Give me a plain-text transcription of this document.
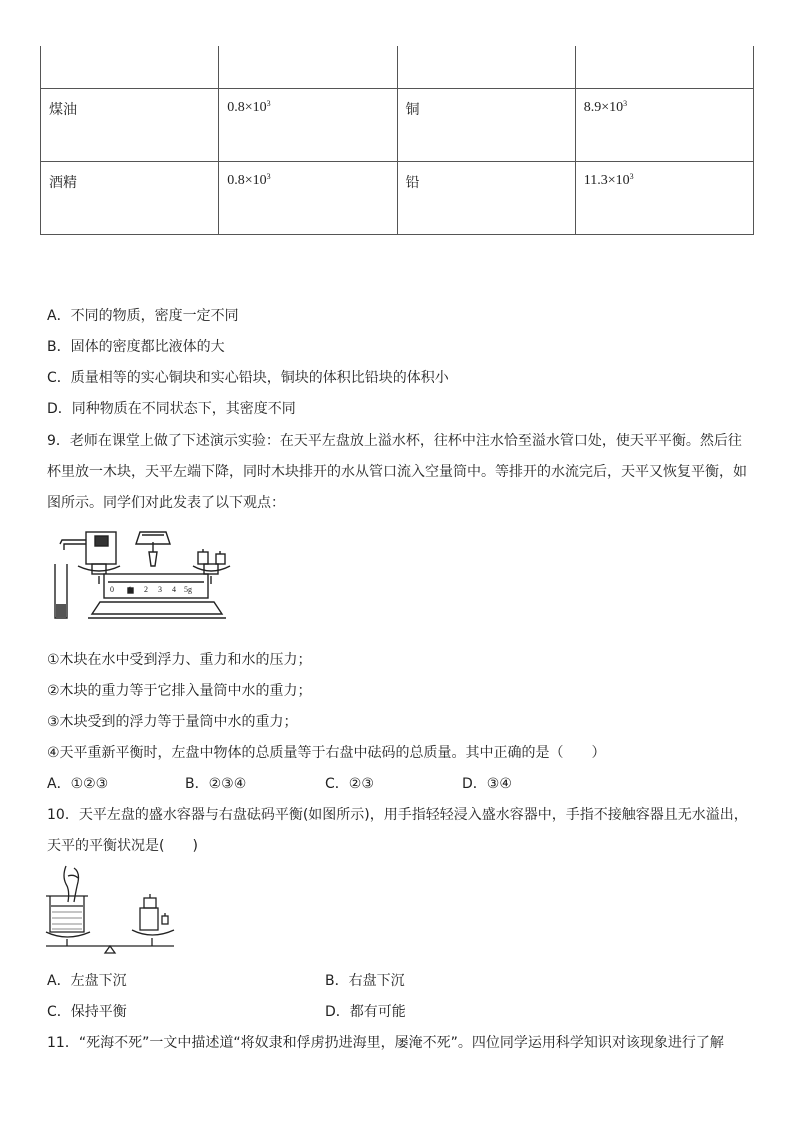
煤油	$0.8\times 10^3$	铜	$8.9\times 10^3$
酒精	$0.8\times 10^3$	铅	$11.3\times 10^3$
A．不同的物质，密度一定不同
B．固体的密度都比液体的大
C．质量相等的实心铜块和实心铅块，铜块的体积比铅块的体积小
D．同种物质在不同状态下，其密度不同
9．老师在课堂上做了下述演示实验：在天平左盘放上溢水杯，往杯中注水恰至溢水管口处，使天平平衡。然后往
杯里放一木块，天平左端下降，同时木块排开的水从管口流入空量筒中。等排开的水流完后，天平又恢复平衡，如
图所示。同学们对此发表了以下观点：
0 1 2 3 4 5g
①木块在水中受到浮力、重力和水的压力；
②木块的重力等于它排入量筒中水的重力；
③木块受到的浮力等于量筒中水的重力；
④天平重新平衡时，左盘中物体的总质量等于右盘中砝码的总质量。其中正确的是（　　）
A．①②③	B．②③④	C．②③	D．③④
10．天平左盘的盛水容器与右盘砝码平衡(如图所示)，用手指轻轻浸入盛水容器中，手指不接触容器且无水溢出，
天平的平衡状况是(　　)
A．左盘下沉	B．右盘下沉
C．保持平衡	D．都有可能
11．“死海不死”一文中描述道“将奴隶和俘虏扔进海里，屡淹不死”。四位同学运用科学知识对该现象进行了解
